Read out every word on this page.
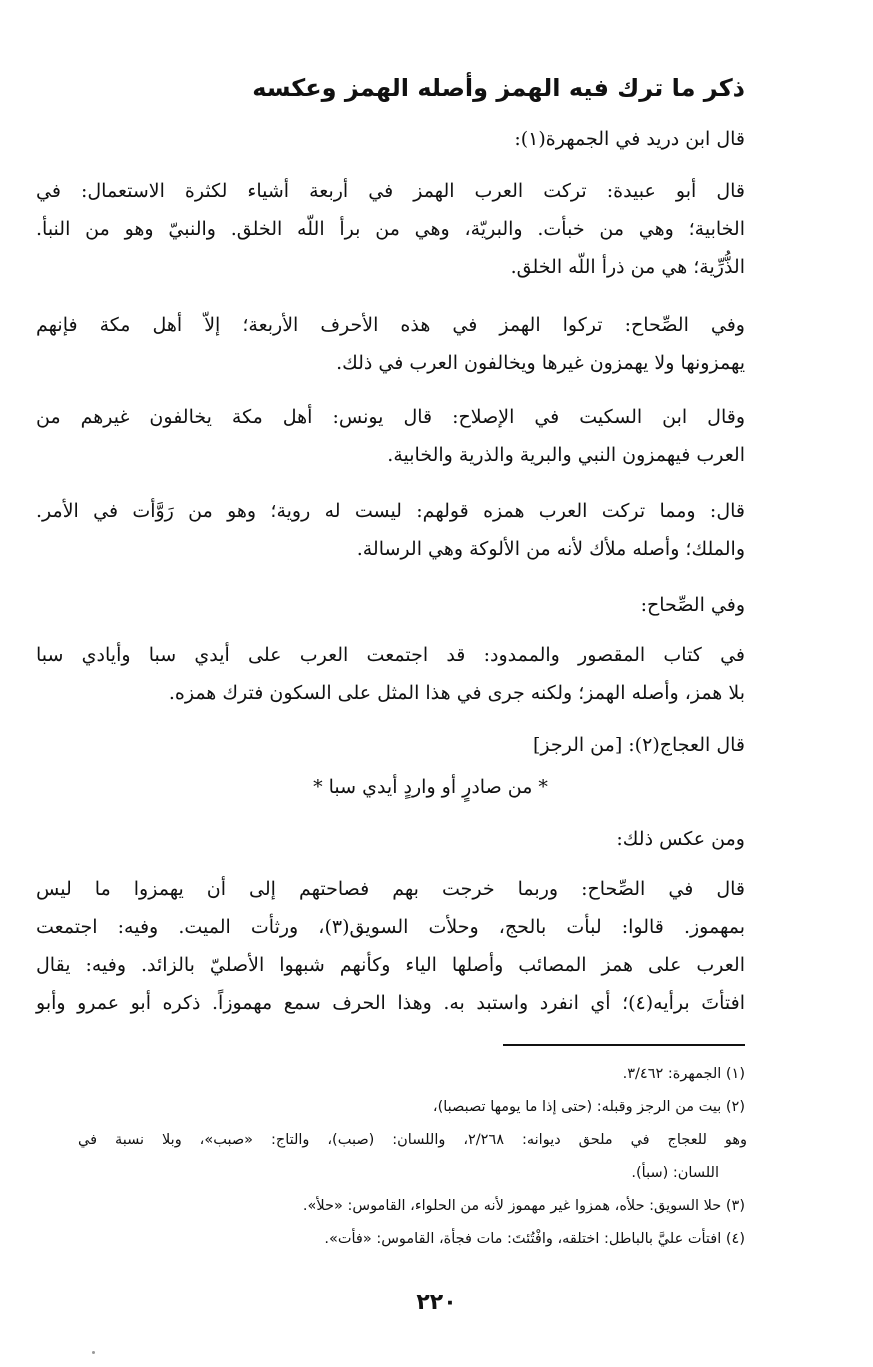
ذكر ما ترك فيه الهمز وأصله الهمز وعكسه
قال ابن دريد في الجمهرة(١):
قال أبو عبيدة: تركت العرب الهمز في أربعة أشياء لكثرة الاستعمال: في
الخابية؛ وهي من خبأت. والبريّة، وهي من برأ اللّه الخلق. والنبيّ وهو من النبأ.
الذُّرِّية؛ هي من ذرأ اللّه الخلق.
وفي الصِّحاح: تركوا الهمز في هذه الأحرف الأربعة؛ إلاّ أهل مكة فإنهم
يهمزونها ولا يهمزون غيرها ويخالفون العرب في ذلك.
وقال ابن السكيت في الإصلاح: قال يونس: أهل مكة يخالفون غيرهم من
العرب فيهمزون النبي والبرية والذرية والخابية.
قال: ومما تركت العرب همزه قولهم: ليست له روية؛ وهو من رَوَّأت في الأمر.
والملك؛ وأصله ملأك لأنه من الألوكة وهي الرسالة.
وفي الصِّحاح:
في كتاب المقصور والممدود: قد اجتمعت العرب على أيدي سبا وأيادي سبا
بلا همز، وأصله الهمز؛ ولكنه جرى في هذا المثل على السكون فترك همزه.
قال العجاج(٢): [من الرجز]
* من صادرٍ أو واردٍ أيدي سبا *
ومن عكس ذلك:
قال في الصِّحاح: وربما خرجت بهم فصاحتهم إلى أن يهمزوا ما ليس
بمهموز. قالوا: لبأت بالحج، وحلأت السويق(٣)، ورثأت الميت. وفيه: اجتمعت
العرب على همز المصائب وأصلها الياء وكأنهم شبهوا الأصليّ بالزائد. وفيه: يقال
افتأتَ برأيه(٤)؛ أي انفرد واستبد به. وهذا الحرف سمع مهموزاً. ذكره أبو عمرو وأبو
(١) الجمهرة: ٣/٤٦٢.
(٢) بيت من الرجز وقبله: (حتى إذا ما يومها تصبصبا)،
وهو للعجاج في ملحق ديوانه: ٢/٢٦٨، واللسان: (صبب)، والتاج: «صبب»، وبلا نسبة في
اللسان: (سبأ).
(٣) حلا السويق: حلأه، همزوا غير مهموز لأنه من الحلواء، القاموس: «حلأ».
(٤) افتأت عليَّ بالباطل: اختلقه، وافْتُئتَ: مات فجأة، القاموس: «فأت».
٢٢٠
